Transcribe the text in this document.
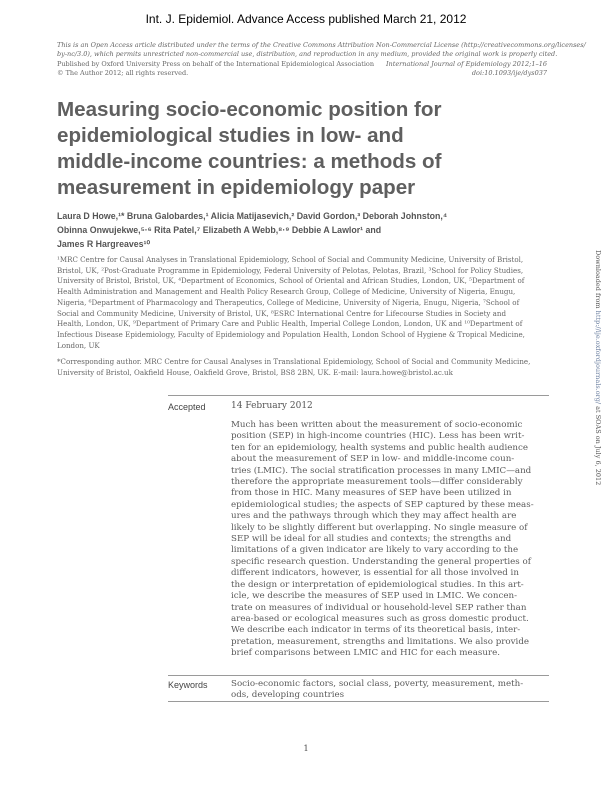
Int. J. Epidemiol. Advance Access published March 21, 2012
This is an Open Access article distributed under the terms of the Creative Commons Attribution Non-Commercial License (http://creativecommons.org/licenses/
by-nc/3.0), which permits unrestricted non-commercial use, distribution, and reproduction in any medium, provided the original work is properly cited.
Published by Oxford University Press on behalf of the International Epidemiological Association International Journal of Epidemiology 2012;1–16
© The Author 2012; all rights reserved.	doi:10.1093/ije/dys037
Measuring socio-economic position for
epidemiological studies in low- and
middle-income countries: a methods of
measurement in epidemiology paper
Laura D Howe,¹* Bruna Galobardes,¹ Alicia Matijasevich,² David Gordon,³ Deborah Johnston,⁴
Obinna Onwujekwe,⁵·⁶ Rita Patel,⁷ Elizabeth A Webb,⁸·⁹ Debbie A Lawlor¹ and
James R Hargreaves¹⁰
¹MRC Centre for Causal Analyses in Translational Epidemiology, School of Social and Community Medicine, University of Bristol,
Bristol, UK, ²Post-Graduate Programme in Epidemiology, Federal University of Pelotas, Pelotas, Brazil, ³School for Policy Studies,
University of Bristol, Bristol, UK, ⁴Department of Economics, School of Oriental and African Studies, London, UK, ⁵Department of
Health Administration and Management and Health Policy Research Group, College of Medicine, University of Nigeria, Enugu,
Nigeria, ⁶Department of Pharmacology and Therapeutics, College of Medicine, University of Nigeria, Enugu, Nigeria, ⁷School of
Social and Community Medicine, University of Bristol, UK, ⁸ESRC International Centre for Lifecourse Studies in Society and
Health, London, UK, ⁹Department of Primary Care and Public Health, Imperial College London, London, UK and ¹⁰Department of
Infectious Disease Epidemiology, Faculty of Epidemiology and Population Health, London School of Hygiene & Tropical Medicine,
London, UK
*Corresponding author. MRC Centre for Causal Analyses in Translational Epidemiology, School of Social and Community Medicine,
University of Bristol, Oakfield House, Oakfield Grove, Bristol, BS8 2BN, UK. E-mail: laura.howe@bristol.ac.uk
Accepted	14 February 2012
Much has been written about the measurement of socio-economic
position (SEP) in high-income countries (HIC). Less has been writ-
ten for an epidemiology, health systems and public health audience
about the measurement of SEP in low- and middle-income coun-
tries (LMIC). The social stratification processes in many LMIC—and
therefore the appropriate measurement tools—differ considerably
from those in HIC. Many measures of SEP have been utilized in
epidemiological studies; the aspects of SEP captured by these meas-
ures and the pathways through which they may affect health are
likely to be slightly different but overlapping. No single measure of
SEP will be ideal for all studies and contexts; the strengths and
limitations of a given indicator are likely to vary according to the
specific research question. Understanding the general properties of
different indicators, however, is essential for all those involved in
the design or interpretation of epidemiological studies. In this art-
icle, we describe the measures of SEP used in LMIC. We concen-
trate on measures of individual or household-level SEP rather than
area-based or ecological measures such as gross domestic product.
We describe each indicator in terms of its theoretical basis, inter-
pretation, measurement, strengths and limitations. We also provide
brief comparisons between LMIC and HIC for each measure.
Keywords	Socio-economic factors, social class, poverty, measurement, meth-
ods, developing countries
1
Downloaded from http://ije.oxfordjournals.org/ at SOAS on July 6, 2012
